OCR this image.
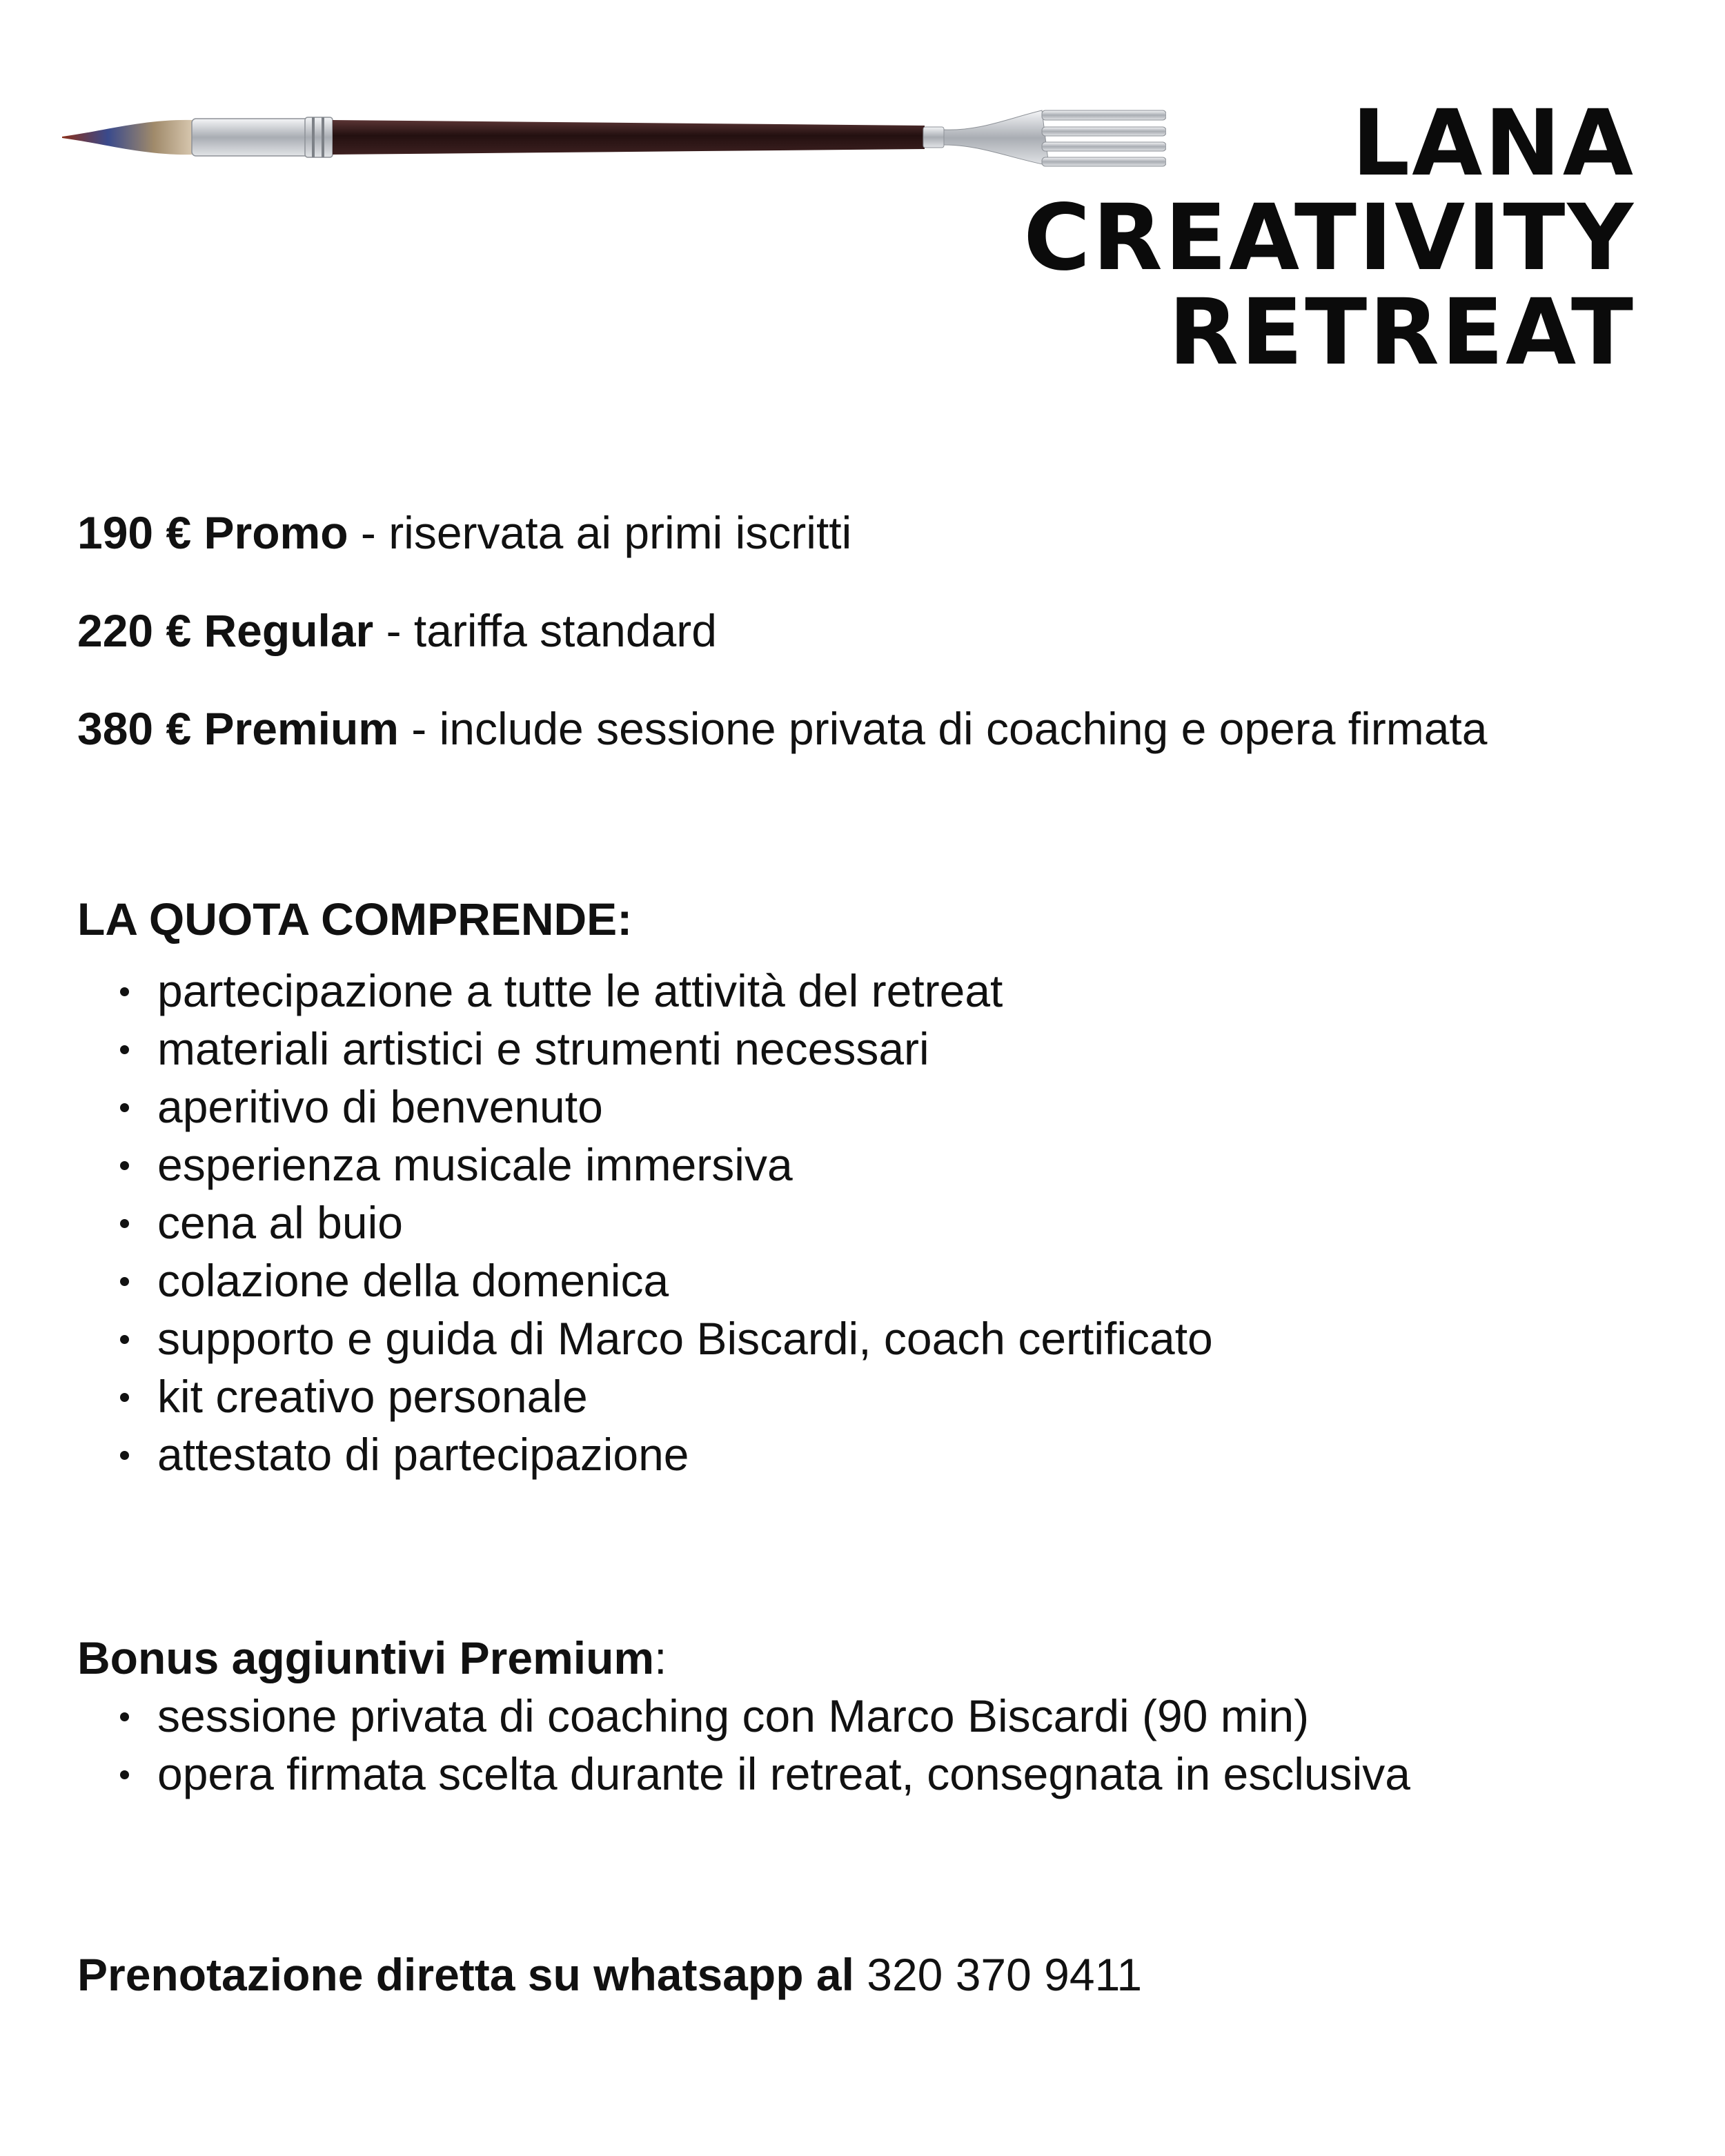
LANA
CREATIVITY
RETREAT
190 € Promo - riservata ai primi iscritti
220 € Regular - tariffa standard
380 € Premium - include sessione privata di coaching e opera firmata
LA QUOTA COMPRENDE:
partecipazione a tutte le attività del retreat
materiali artistici e strumenti necessari
aperitivo di benvenuto
esperienza musicale immersiva
cena al buio
colazione della domenica
supporto e guida di Marco Biscardi, coach certificato
kit creativo personale
attestato di partecipazione
Bonus aggiuntivi Premium:
sessione privata di coaching con Marco Biscardi (90 min)
opera firmata scelta durante il retreat, consegnata in esclusiva
Prenotazione diretta su whatsapp al 320 370 9411
